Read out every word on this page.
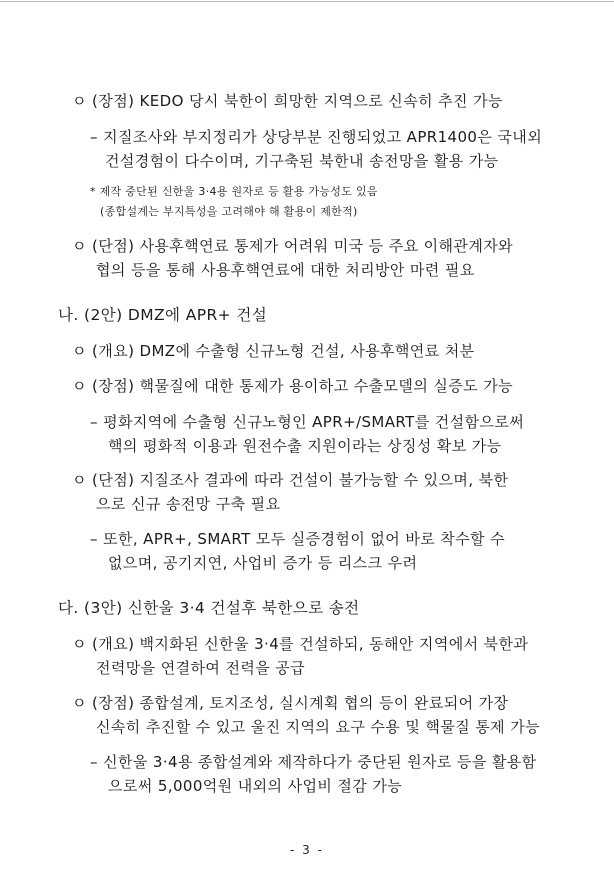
ㅇ (장점) KEDO 당시 북한이 희망한 지역으로 신속히 추진 가능
– 지질조사와 부지정리가 상당부분 진행되었고 APR1400은 국내외
건설경험이 다수이며, 기구축된 북한내 송전망을 활용 가능
* 제작 중단된 신한울 3·4용 원자로 등 활용 가능성도 있음
(종합설계는 부지특성을 고려해야 해 활용이 제한적)
ㅇ (단점) 사용후핵연료 통제가 어려워 미국 등 주요 이해관계자와
협의 등을 통해 사용후핵연료에 대한 처리방안 마련 필요
나. (2안) DMZ에 APR+ 건설
ㅇ (개요) DMZ에 수출형 신규노형 건설, 사용후핵연료 처분
ㅇ (장점) 핵물질에 대한 통제가 용이하고 수출모델의 실증도 가능
– 평화지역에 수출형 신규노형인 APR+/SMART를 건설함으로써
핵의 평화적 이용과 원전수출 지원이라는 상징성 확보 가능
ㅇ (단점) 지질조사 결과에 따라 건설이 불가능할 수 있으며, 북한
으로 신규 송전망 구축 필요
– 또한, APR+, SMART 모두 실증경험이 없어 바로 착수할 수
없으며, 공기지연, 사업비 증가 등 리스크 우려
다. (3안) 신한울 3·4 건설후 북한으로 송전
ㅇ (개요) 백지화된 신한울 3·4를 건설하되, 동해안 지역에서 북한과
전력망을 연결하여 전력을 공급
ㅇ (장점) 종합설계, 토지조성, 실시계획 협의 등이 완료되어 가장
신속히 추진할 수 있고 울진 지역의 요구 수용 및 핵물질 통제 가능
– 신한울 3·4용 종합설계와 제작하다가 중단된 원자로 등을 활용함
으로써 5,000억원 내외의 사업비 절감 가능
- 3 -
